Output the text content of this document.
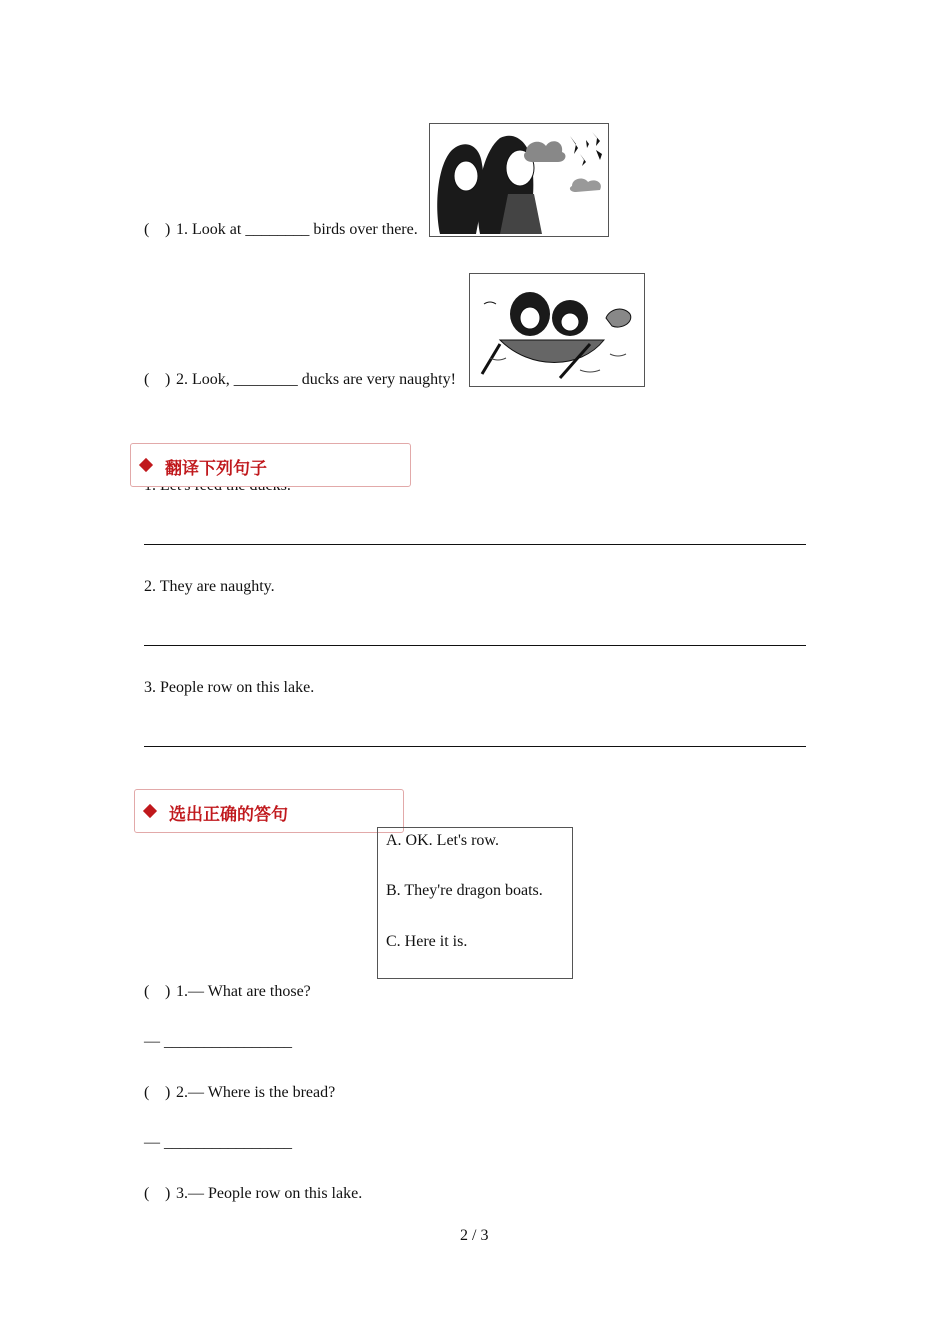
( ) 1. Look at ________ birds over there.
( ) 2. Look, ________ ducks are very naughty!
翻译下列句子
2. They are naughty.
3. People row on this lake.
选出正确的答句
A. OK. Let's row.
B. They're dragon boats.
C. Here it is.
( ) 1.— What are those?
— ________________
( ) 2.— Where is the bread?
— ________________
( ) 3.— People row on this lake.
2 / 3
